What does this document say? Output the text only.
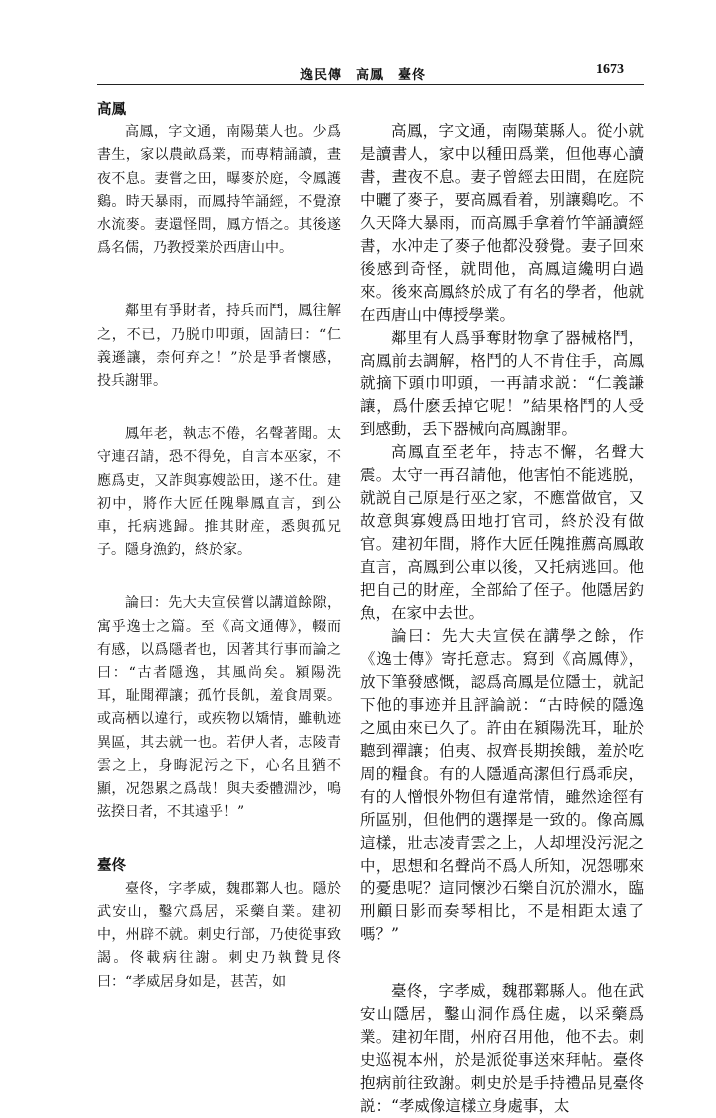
逸民傳　高鳳　臺佟	1673

高鳳

高鳳，字文通，南陽葉人也。少爲書生，家以農畝爲業，而專精誦讀，晝夜不息。妻嘗之田，曝麥於庭，令鳳護鷄。時天暴雨，而鳳持竿誦經，不覺潦水流麥。妻還怪問，鳳方悟之。其後遂爲名儒，乃教授業於西唐山中。

鄰里有爭財者，持兵而鬥，鳳往解之，不已，乃脱巾叩頭，固請曰：“仁義遜讓，柰何弃之！”於是爭者懷感，投兵謝罪。

鳳年老，執志不倦，名聲著聞。太守連召請，恐不得免，自言本巫家，不應爲吏，又詐與寡嫂訟田，遂不仕。建初中，將作大匠任隗舉鳳直言，到公車，托病逃歸。推其財産，悉與孤兄子。隱身漁釣，終於家。

論曰：先大夫宣侯嘗以講道餘隙，寓乎逸士之篇。至《高文通傳》，輟而有感，以爲隱者也，因著其行事而論之曰：“古者隱逸，其風尚矣。潁陽洗耳，耻聞禪讓；孤竹長飢，羞食周粟。或高栖以違行，或疾物以矯情，雖軌迹異區，其去就一也。若伊人者，志陵青雲之上，身晦泥污之下，心名且猶不顯，况怨累之爲哉！與夫委體淵沙，鳴弦揆日者，不其遠乎！”

臺佟

臺佟，字孝威，魏郡鄴人也。隱於武安山，鑿穴爲居，采藥自業。建初中，州辟不就。刺史行部，乃使從事致謁。佟載病往謝。刺史乃執贄見佟曰：“孝威居身如是，甚苦，如

高鳳，字文通，南陽葉縣人。從小就是讀書人，家中以種田爲業，但他專心讀書，晝夜不息。妻子曾經去田間，在庭院中曬了麥子，要高鳳看着，别讓鷄吃。不久天降大暴雨，而高鳳手拿着竹竿誦讀經書，水冲走了麥子他都没發覺。妻子回來後感到奇怪，就問他，高鳳這纔明白過來。後來高鳳終於成了有名的學者，他就在西唐山中傳授學業。

鄰里有人爲爭奪財物拿了器械格鬥，高鳳前去調解，格鬥的人不肯住手，高鳳就摘下頭巾叩頭，一再請求説：“仁義謙讓，爲什麽丢掉它呢！”結果格鬥的人受到感動，丢下器械向高鳳謝罪。

高鳳直至老年，持志不懈，名聲大震。太守一再召請他，他害怕不能逃脱，就説自己原是行巫之家，不應當做官，又故意與寡嫂爲田地打官司，終於没有做官。建初年間，將作大匠任隗推薦高鳳敢直言，高鳳到公車以後，又托病逃回。他把自己的財産，全部給了侄子。他隱居釣魚，在家中去世。

論曰：先大夫宣侯在講學之餘，作《逸士傳》寄托意志。寫到《高鳳傳》，放下筆發感慨，認爲高鳳是位隱士，就記下他的事迹并且評論説：“古時候的隱逸之風由來已久了。許由在潁陽洗耳，耻於聽到禪讓；伯夷、叔齊長期挨餓，羞於吃周的糧食。有的人隱遁高潔但行爲乖戾，有的人憎恨外物但有違常情，雖然途徑有所區别，但他們的選擇是一致的。像高鳳這樣，壯志凌青雲之上，人却埋没污泥之中，思想和名聲尚不爲人所知，况怨哪來的憂患呢？這同懷沙石樂自沉於淵水，臨刑顧日影而奏琴相比，不是相距太遠了嗎？”

臺佟，字孝威，魏郡鄴縣人。他在武安山隱居，鑿山洞作爲住處，以采藥爲業。建初年間，州府召用他，他不去。刺史巡視本州，於是派從事送來拜帖。臺佟抱病前往致謝。刺史於是手持禮品見臺佟説：“孝威像這樣立身處事，太
